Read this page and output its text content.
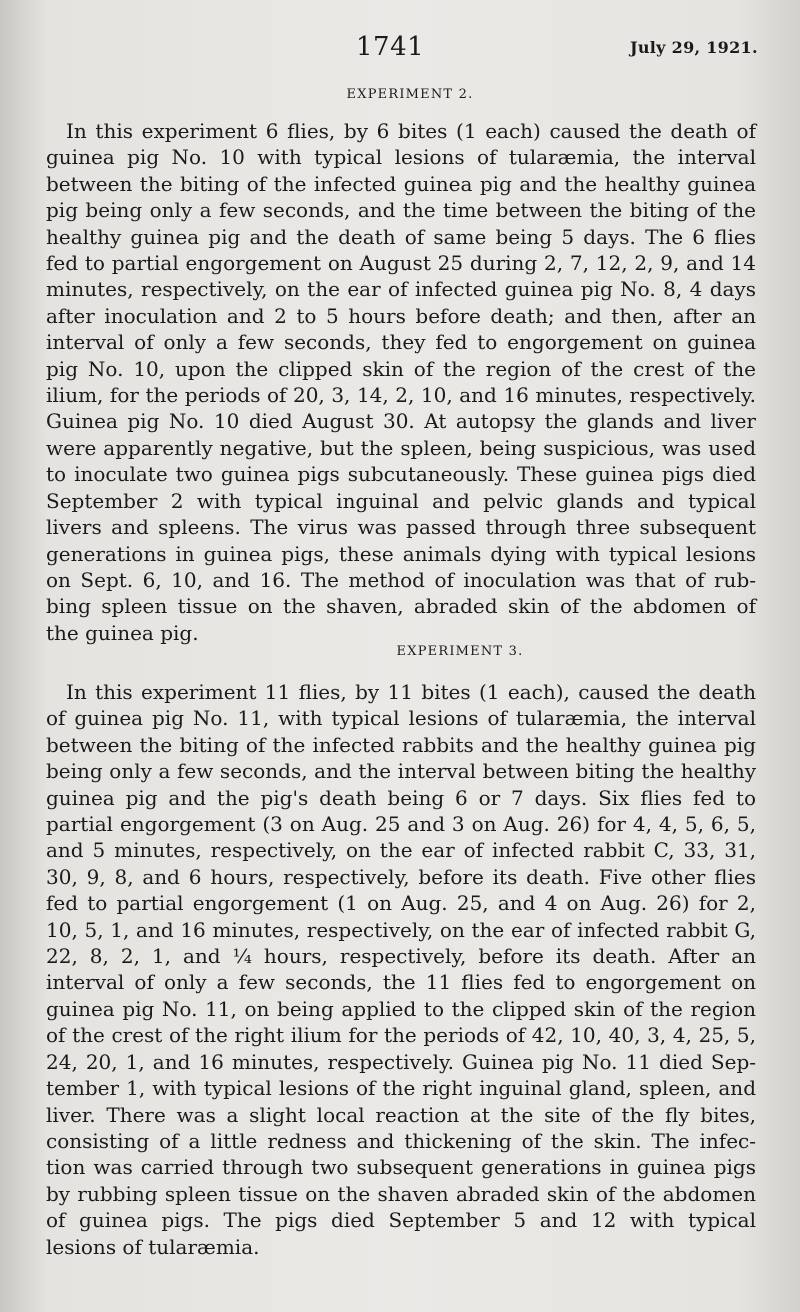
1741	July 29, 1921.
EXPERIMENT 2.
In this experiment 6 flies, by 6 bites (1 each) caused the death of
guinea pig No. 10 with typical lesions of tularæmia, the interval
between the biting of the infected guinea pig and the healthy guinea
pig being only a few seconds, and the time between the biting of the
healthy guinea pig and the death of same being 5 days. The 6 flies
fed to partial engorgement on August 25 during 2, 7, 12, 2, 9, and 14
minutes, respectively, on the ear of infected guinea pig No. 8, 4 days
after inoculation and 2 to 5 hours before death; and then, after an
interval of only a few seconds, they fed to engorgement on guinea
pig No. 10, upon the clipped skin of the region of the crest of the
ilium, for the periods of 20, 3, 14, 2, 10, and 16 minutes, respectively.
Guinea pig No. 10 died August 30. At autopsy the glands and liver
were apparently negative, but the spleen, being suspicious, was used
to inoculate two guinea pigs subcutaneously. These guinea pigs died
September 2 with typical inguinal and pelvic glands and typical
livers and spleens. The virus was passed through three subsequent
generations in guinea pigs, these animals dying with typical lesions
on Sept. 6, 10, and 16. The method of inoculation was that of rub-
bing spleen tissue on the shaven, abraded skin of the abdomen of
the guinea pig.
EXPERIMENT 3.
In this experiment 11 flies, by 11 bites (1 each), caused the death
of guinea pig No. 11, with typical lesions of tularæmia, the interval
between the biting of the infected rabbits and the healthy guinea pig
being only a few seconds, and the interval between biting the healthy
guinea pig and the pig's death being 6 or 7 days. Six flies fed to
partial engorgement (3 on Aug. 25 and 3 on Aug. 26) for 4, 4, 5, 6, 5,
and 5 minutes, respectively, on the ear of infected rabbit C, 33, 31,
30, 9, 8, and 6 hours, respectively, before its death. Five other flies
fed to partial engorgement (1 on Aug. 25, and 4 on Aug. 26) for 2,
10, 5, 1, and 16 minutes, respectively, on the ear of infected rabbit G,
22, 8, 2, 1, and ¼ hours, respectively, before its death. After an
interval of only a few seconds, the 11 flies fed to engorgement on
guinea pig No. 11, on being applied to the clipped skin of the region
of the crest of the right ilium for the periods of 42, 10, 40, 3, 4, 25, 5,
24, 20, 1, and 16 minutes, respectively. Guinea pig No. 11 died Sep-
tember 1, with typical lesions of the right inguinal gland, spleen, and
liver. There was a slight local reaction at the site of the fly bites,
consisting of a little redness and thickening of the skin. The infec-
tion was carried through two subsequent generations in guinea pigs
by rubbing spleen tissue on the shaven abraded skin of the abdomen
of guinea pigs. The pigs died September 5 and 12 with typical
lesions of tularæmia.
